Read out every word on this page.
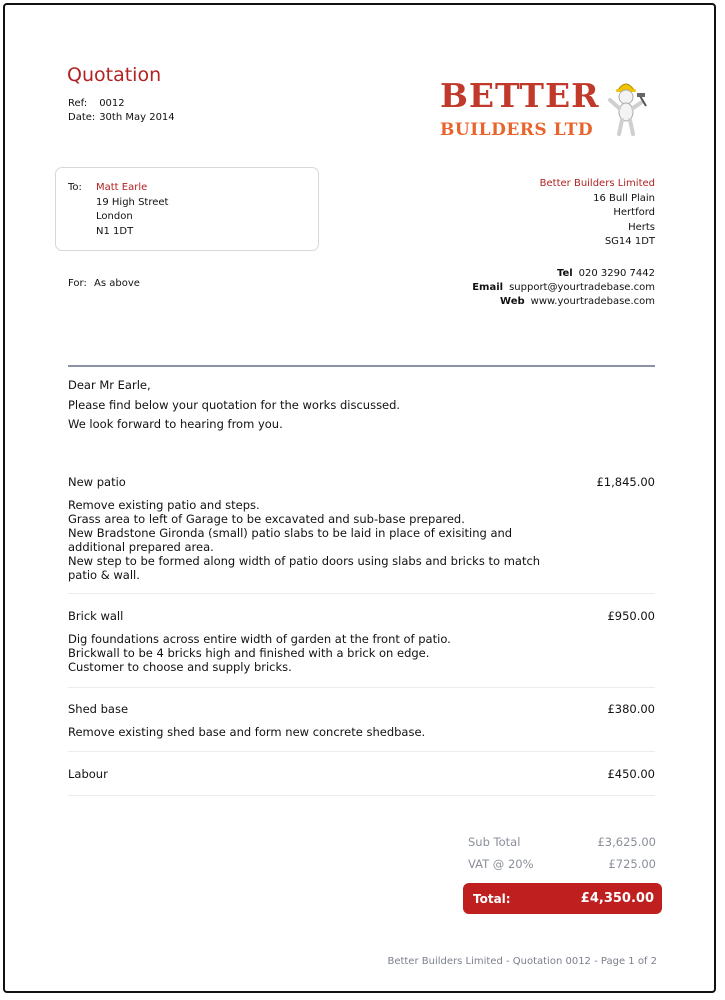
Quotation
Ref: 0012
Date: 30th May 2014
BETTER
BUILDERS LTD
To: Matt Earle
19 High Street
London
N1 1DT
Better Builders Limited
16 Bull Plain
Hertford
Herts
SG14 1DT
Tel 020 3290 7442
Email support@yourtradebase.com
Web www.yourtradebase.com
For: As above
Dear Mr Earle,
Please find below your quotation for the works discussed.
We look forward to hearing from you.
New patio	£1,845.00
Remove existing patio and steps.
Grass area to left of Garage to be excavated and sub-base prepared.
New Bradstone Gironda (small) patio slabs to be laid in place of exisiting and
additional prepared area.
New step to be formed along width of patio doors using slabs and bricks to match
patio & wall.
Brick wall	£950.00
Dig foundations across entire width of garden at the front of patio.
Brickwall to be 4 bricks high and finished with a brick on edge.
Customer to choose and supply bricks.
Shed base	£380.00
Remove existing shed base and form new concrete shedbase.
Labour	£450.00
Sub Total	£3,625.00
VAT @ 20%	£725.00
Total:	£4,350.00
Better Builders Limited - Quotation 0012 - Page 1 of 2
